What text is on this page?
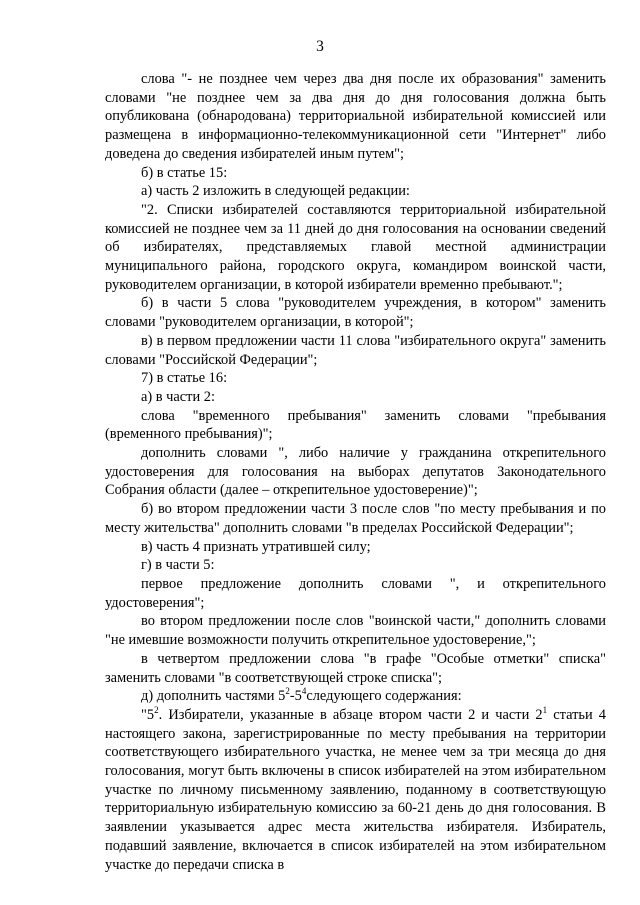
3

слова "- не позднее чем через два дня после их образования" заменить словами "не позднее чем за два дня до дня голосования должна быть опубликована (обнародована) территориальной избирательной комиссией или размещена в информационно-телекоммуникационной сети "Интернет" либо доведена до сведения избирателей иным путем";

б) в статье 15:

а) часть 2 изложить в следующей редакции:

"2. Списки избирателей составляются территориальной избирательной комиссией не позднее чем за 11 дней до дня голосования на основании сведений об избирателях, представляемых главой местной администрации муниципального района, городского округа, командиром воинской части, руководителем организации, в которой избиратели временно пребывают.";

б) в части 5 слова "руководителем учреждения, в котором" заменить словами "руководителем организации, в которой";

в) в первом предложении части 11 слова "избирательного округа" заменить словами "Российской Федерации";

7) в статье 16:

а) в части 2:

слова "временного пребывания" заменить словами "пребывания (временного пребывания)";

дополнить словами ", либо наличие у гражданина открепительного удостоверения для голосования на выборах депутатов Законодательного Собрания области (далее – открепительное удостоверение)";

б) во втором предложении части 3 после слов "по месту пребывания и по месту жительства" дополнить словами "в пределах Российской Федерации";

в) часть 4 признать утратившей силу;

г) в части 5:

первое предложение дополнить словами ", и открепительного удостоверения";

во втором предложении после слов "воинской части," дополнить словами "не имевшие возможности получить открепительное удостоверение,";

в четвертом предложении слова "в графе "Особые отметки" списка" заменить словами "в соответствующей строке списка";

д) дополнить частями $5^2-5^4следующего$ содержания:

"$5^2$. Избиратели, указанные в абзаце втором части 2 и части $2^1$ статьи 4 настоящего закона, зарегистрированные по месту пребывания на территории соответствующего избирательного участка, не менее чем за три месяца до дня голосования, могут быть включены в список избирателей на этом избирательном участке по личному письменному заявлению, поданному в соответствующую территориальную избирательную комиссию за 60-21 день до дня голосования. В заявлении указывается адрес места жительства избирателя. Избиратель, подавший заявление, включается в список избирателей на этом избирательном участке до передачи списка в
